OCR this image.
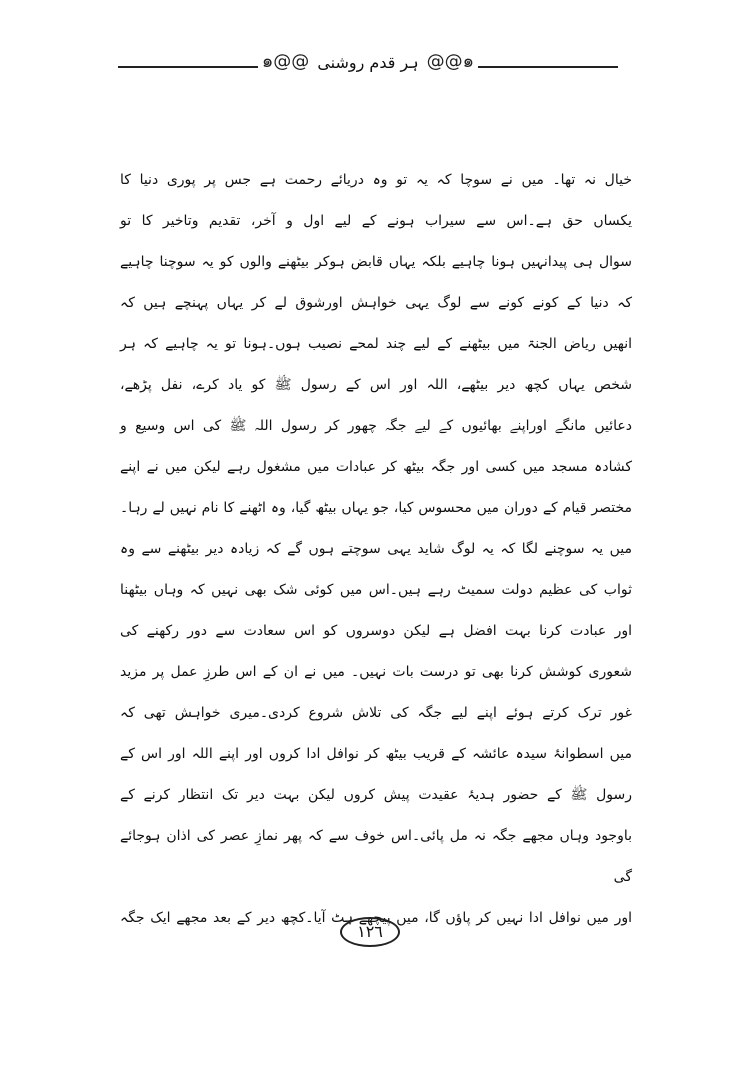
๑@@ ہر قدم روشنی @@๑
خیال نہ تھا۔ میں نے سوچا کہ یہ تو وہ دریائے رحمت ہے جس پر پوری دنیا کا
یکساں حق ہے۔اس سے سیراب ہونے کے لیے اول و آخر، تقدیم وتاخیر کا تو
سوال ہی پیدانہیں ہونا چاہیے بلکہ یہاں قابض ہوکر بیٹھنے والوں کو یہ سوچنا چاہیے
کہ دنیا کے کونے کونے سے لوگ یہی خواہش اورشوق لے کر یہاں پہنچے ہیں کہ
انھیں ریاض الجنۃ میں بیٹھنے کے لیے چند لمحے نصیب ہوں۔ہونا تو یہ چاہیے کہ ہر
شخص یہاں کچھ دیر بیٹھے، اللہ اور اس کے رسول ﷺ کو یاد کرے، نفل پڑھے،
دعائیں مانگے اوراپنے بھائیوں کے لیے جگہ چھور کر رسول اللہ ﷺ کی اس وسیع و
کشادہ مسجد میں کسی اور جگہ بیٹھ کر عبادات میں مشغول رہے لیکن میں نے اپنے
مختصر قیام کے دوران میں محسوس کیا، جو یہاں بیٹھ گیا، وہ اٹھنے کا نام نہیں لے رہا۔
میں یہ سوچنے لگا کہ یہ لوگ شاید یہی سوچتے ہوں گے کہ زیادہ دیر بیٹھنے سے وہ
ثواب کی عظیم دولت سمیٹ رہے ہیں۔اس میں کوئی شک بھی نہیں کہ وہاں بیٹھنا
اور عبادت کرنا بہت افضل ہے لیکن دوسروں کو اس سعادت سے دور رکھنے کی
شعوری کوشش کرنا بھی تو درست بات نہیں۔ میں نے ان کے اس طرزِ عمل پر مزید
غور ترک کرتے ہوئے اپنے لیے جگہ کی تلاش شروع کردی۔میری خواہش تھی کہ
میں اسطوانۂ سیدہ عائشہ کے قریب بیٹھ کر نوافل ادا کروں اور اپنے اللہ اور اس کے
رسول ﷺ کے حضور ہدیۂ عقیدت پیش کروں لیکن بہت دیر تک انتظار کرنے کے
باوجود وہاں مجھے جگہ نہ مل پائی۔اس خوف سے کہ پھر نمازِ عصر کی اذان ہوجائے گی
اور میں نوافل ادا نہیں کر پاؤں گا، میں پیچھے ہٹ آیا۔کچھ دیر کے بعد مجھے ایک جگہ
١٢٦
